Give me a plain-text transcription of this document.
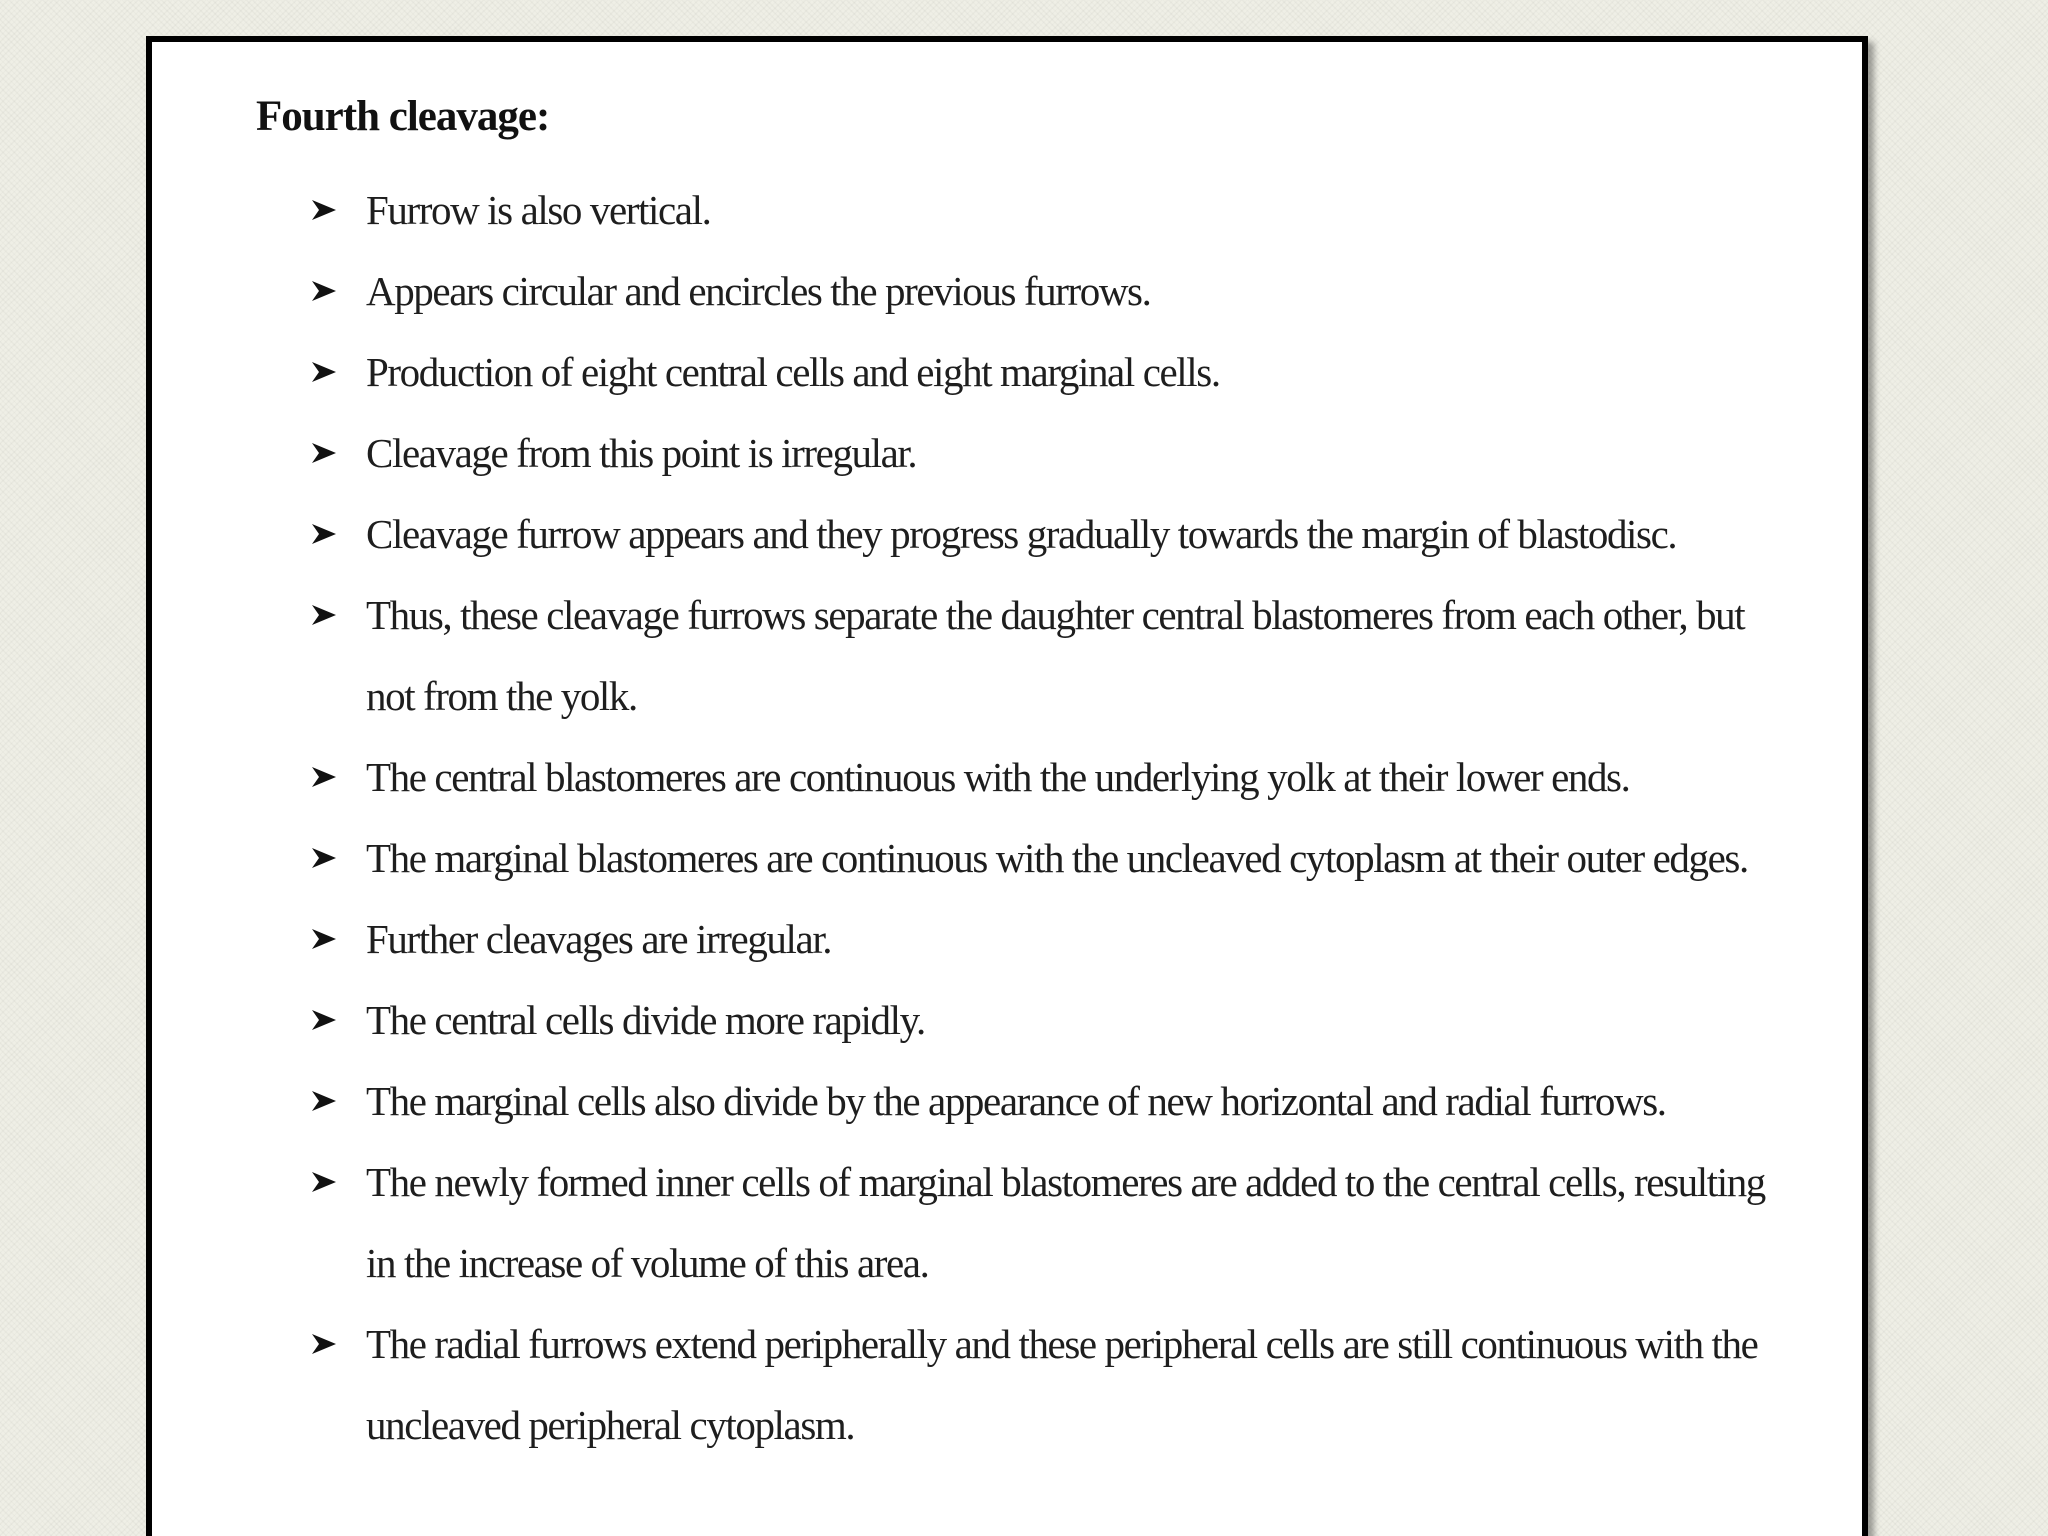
Fourth cleavage:
Furrow is also vertical.
Appears circular and encircles the previous furrows.
Production of eight central cells and eight marginal cells.
Cleavage from this point is irregular.
Cleavage furrow appears and they progress gradually towards the margin of blastodisc.
Thus, these cleavage furrows separate the daughter central blastomeres from each other, but not from the yolk.
The central blastomeres are continuous with the underlying yolk at their lower ends.
The marginal blastomeres are continuous with the uncleaved cytoplasm at their outer edges.
Further cleavages are irregular.
The central cells divide more rapidly.
The marginal cells also divide by the appearance of new horizontal and radial furrows.
The newly formed inner cells of marginal blastomeres are added to the central cells, resulting in the increase of volume of this area.
The radial furrows extend peripherally and these peripheral cells are still continuous with the uncleaved peripheral cytoplasm.
